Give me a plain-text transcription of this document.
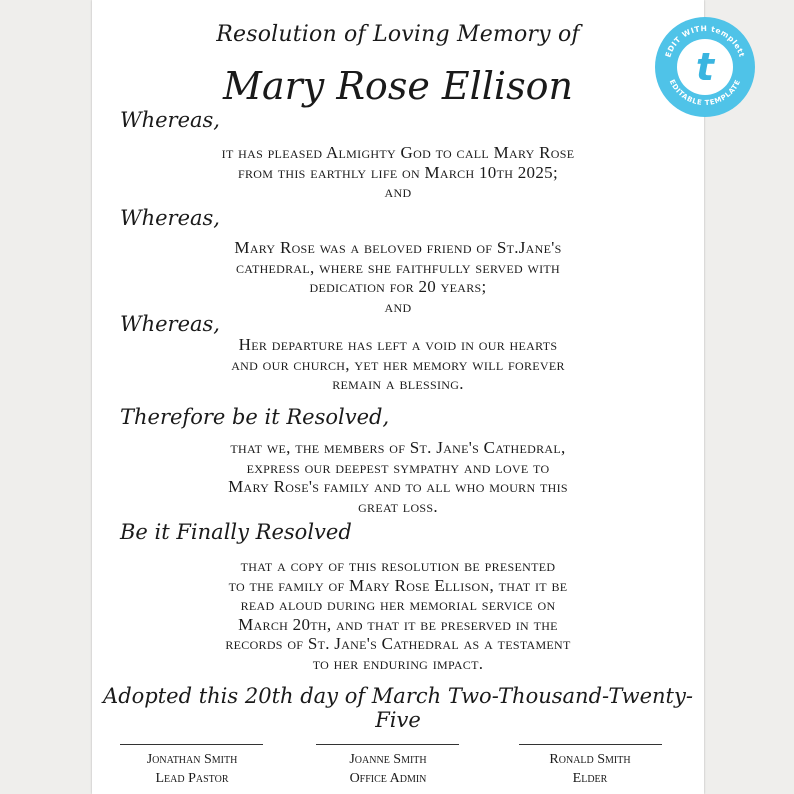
Resolution of Loving Memory of
Mary Rose Ellison
Whereas,
it has pleased Almighty God to call Mary Rose
from this earthly life on March 10th 2025;
and
Whereas,
Mary Rose was a beloved friend of St.Jane's
cathedral, where she faithfully served with
dedication for 20 years;
and
Whereas,
Her departure has left a void in our hearts
and our church, yet her memory will forever
remain a blessing.
Therefore be it Resolved,
that we, the members of St. Jane's Cathedral,
express our deepest sympathy and love to
Mary Rose's family and to all who mourn this
great loss.
Be it Finally Resolved
that a copy of this resolution be presented
to the family of Mary Rose Ellison, that it be
read aloud during her memorial service on
March 20th, and that it be preserved in the
records of St. Jane's Cathedral as a testament
to her enduring impact.
Adopted this 20th day of March Two-Thousand-Twenty-Five
Jonathan Smith
Lead Pastor
Joanne Smith
Office Admin
Ronald Smith
Elder
EDIT WITH templett
EDITABLE TEMPLATE
t
